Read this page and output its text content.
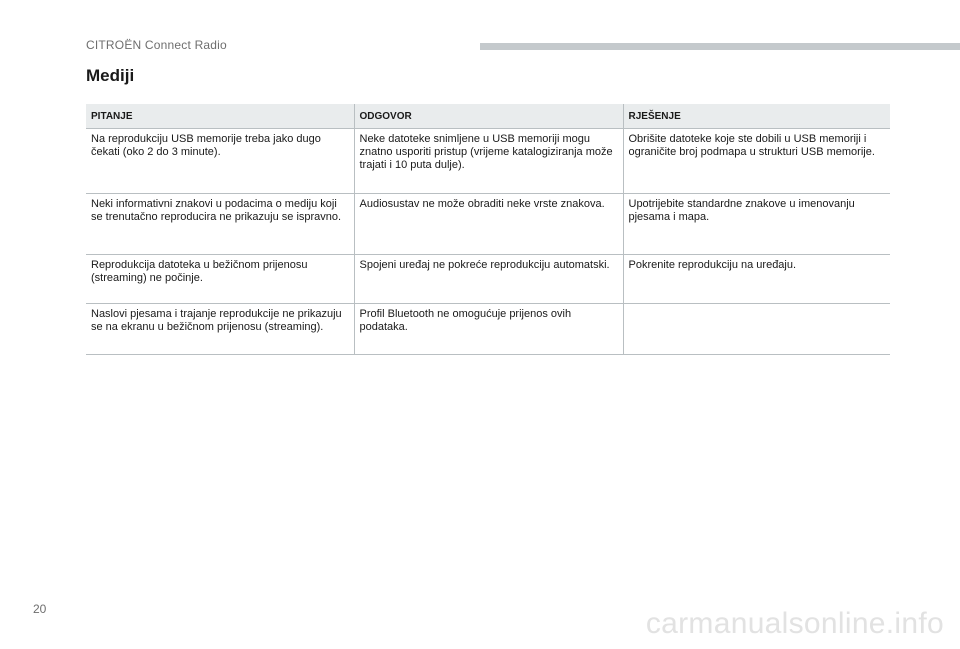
CITROËN Connect Radio
Mediji
PITANJE	ODGOVOR	RJEŠENJE
Na reprodukciju USB memorije treba jako dugo čekati (oko 2 do 3 minute).	Neke datoteke snimljene u USB memoriji mogu znatno usporiti pristup (vrijeme katalogiziranja može trajati i 10 puta dulje).	Obrišite datoteke koje ste dobili u USB memoriji i ograničite broj podmapa u strukturi USB memorije.
Neki informativni znakovi u podacima o mediju koji se trenutačno reproducira ne prikazuju se ispravno.	Audiosustav ne može obraditi neke vrste znakova.	Upotrijebite standardne znakove u imenovanju pjesama i mapa.
Reprodukcija datoteka u bežičnom prijenosu (streaming) ne počinje.	Spojeni uređaj ne pokreće reprodukciju automatski.	Pokrenite reprodukciju na uređaju.
Naslovi pjesama i trajanje reprodukcije ne prikazuju se na ekranu u bežičnom prijenosu (streaming).	Profil Bluetooth ne omogućuje prijenos ovih podataka.	
20	carmanualsonline.info
